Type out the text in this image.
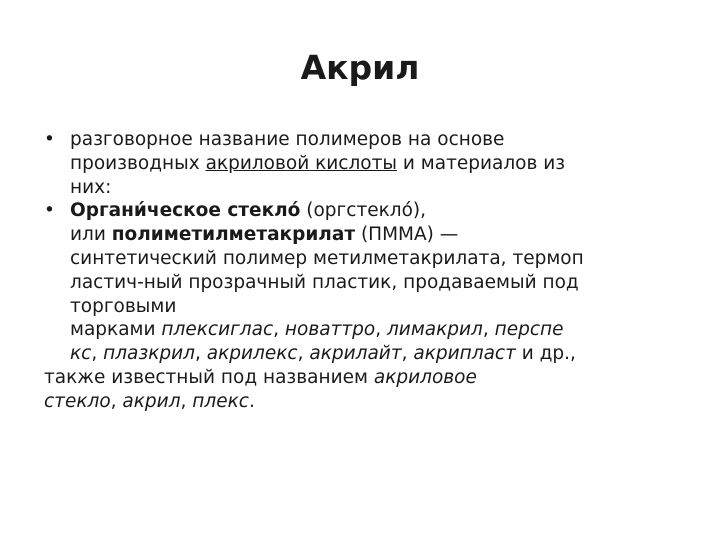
Акрил
• разговорное название полимеров на основе
производных акриловой кислоты и материалов из
них:
• Органи́ческое стекло́ (оргстекло́),
или полиметилметакрилат (ПММА) —
синтетический полимер метилметакрилата, термоп
ластич-ный прозрачный пластик, продаваемый под
торговыми
марками плексиглас, новаттро, лимакрил, перспе
кс, плазкрил, акрилекс, акрилайт, акрипласт и др.,
также известный под названием акриловое
стекло, акрил, плекс.
